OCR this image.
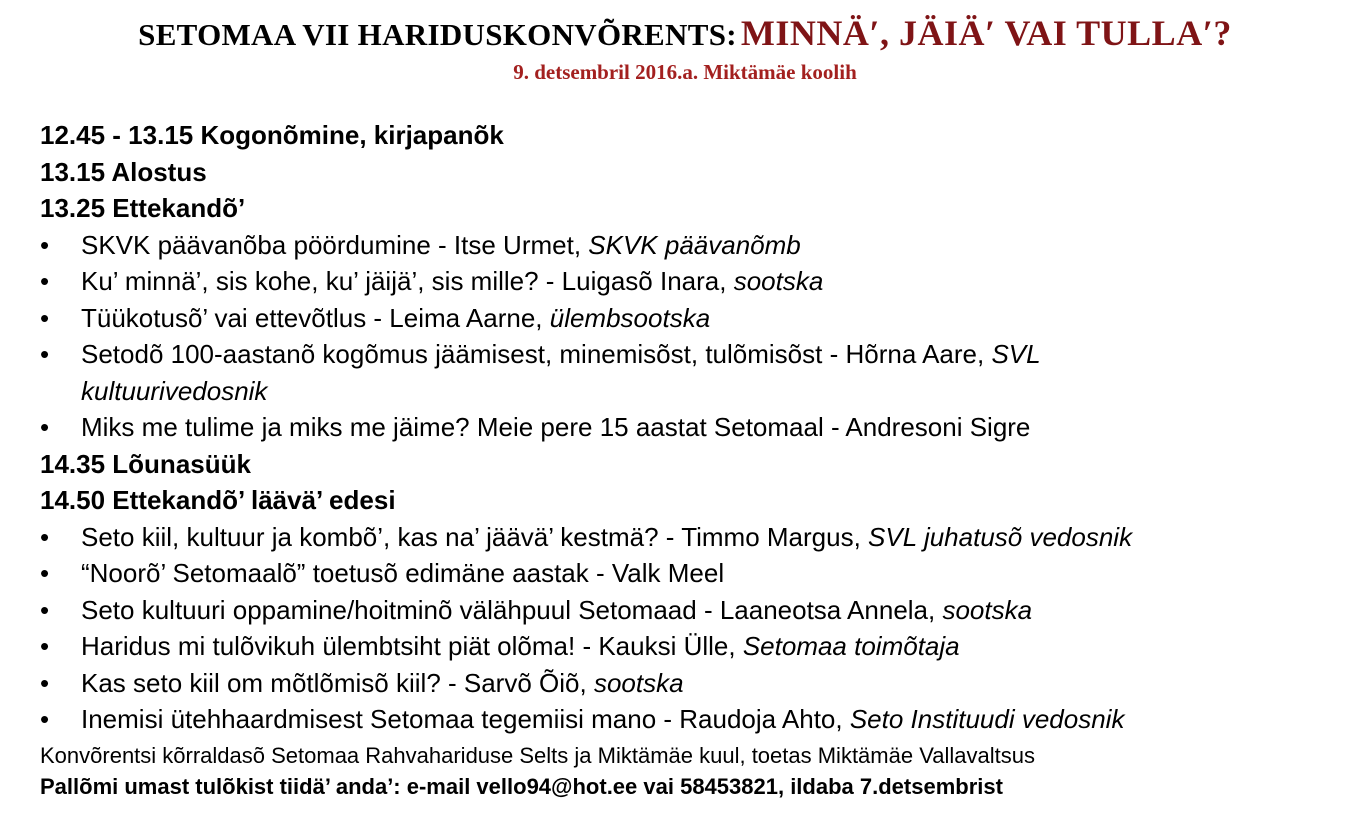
SETOMAA VII HARIDUSKONVÕRENTS: MINNÄ′, JÄIÄ′ VAI TULLA′?
9. detsembril 2016.a. Miktämäe koolih
12.45 - 13.15 Kogonõmine, kirjapanõk
13.15 Alostus
13.25 Ettekandõ’
•	SKVK päävanõba pöördumine - Itse Urmet, SKVK päävanõmb
•	Ku’ minnä’, sis kohe, ku’ jäijä’, sis mille? - Luigasõ Inara, sootska
•	Tüükotusõ’ vai ettevõtlus - Leima Aarne, ülembsootska
•	Setodõ 100-aastanõ kogõmus jäämisest, minemisõst, tulõmisõst - Hõrna Aare, SVL kultuurivedosnik
•	Miks me tulime ja miks me jäime? Meie pere 15 aastat Setomaal - Andresoni Sigre
14.35 Lõunasüük
14.50 Ettekandõ’ läävä’ edesi
•	Seto kiil, kultuur ja kombõ’, kas na’ jäävä’ kestmä? - Timmo Margus, SVL juhatusõ vedosnik
•	“Noorõ’ Setomaalõ” toetusõ edimäne aastak - Valk Meel
•	Seto kultuuri oppamine/hoitminõ välähpuul Setomaad - Laaneotsa Annela, sootska
•	Haridus mi tulõvikuh ülembtsiht piät olõma! - Kauksi Ülle, Setomaa toimõtaja
•	Kas seto kiil om mõtlõmisõ kiil? - Sarvõ Õiõ, sootska
•	Inemisi ütehhaardmisest Setomaa tegemiisi mano - Raudoja Ahto, Seto Instituudi vedosnik
Konvõrentsi kõrraldasõ Setomaa Rahvahariduse Selts ja Miktämäe kuul, toetas Miktämäe Vallavaltsus
Pallõmi umast tulõkist tiidä’ anda’: e-mail vello94@hot.ee vai 58453821, ildaba 7.detsembrist
